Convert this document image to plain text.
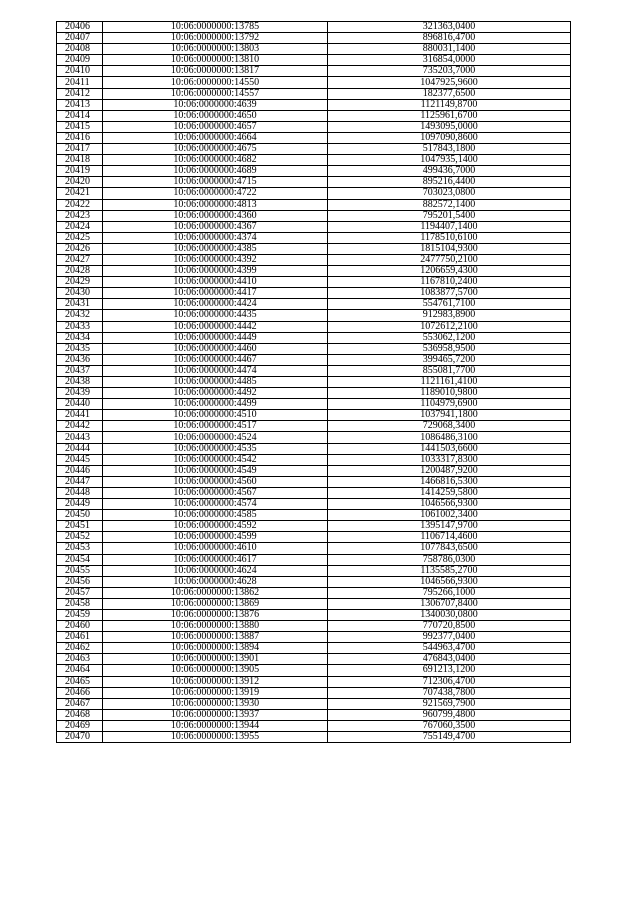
20406	10:06:0000000:13785	321363,0400
20407	10:06:0000000:13792	896816,4700
20408	10:06:0000000:13803	880031,1400
20409	10:06:0000000:13810	316854,0000
20410	10:06:0000000:13817	735203,7000
20411	10:06:0000000:14550	1047925,9600
20412	10:06:0000000:14557	182377,6500
20413	10:06:0000000:4639	1121149,8700
20414	10:06:0000000:4650	1125961,6700
20415	10:06:0000000:4657	1493095,0000
20416	10:06:0000000:4664	1097090,8600
20417	10:06:0000000:4675	517843,1800
20418	10:06:0000000:4682	1047935,1400
20419	10:06:0000000:4689	499436,7000
20420	10:06:0000000:4715	895216,4400
20421	10:06:0000000:4722	703023,0800
20422	10:06:0000000:4813	882572,1400
20423	10:06:0000000:4360	795201,5400
20424	10:06:0000000:4367	1194407,1400
20425	10:06:0000000:4374	1178510,6100
20426	10:06:0000000:4385	1815104,9300
20427	10:06:0000000:4392	2477750,2100
20428	10:06:0000000:4399	1206659,4300
20429	10:06:0000000:4410	1167810,2400
20430	10:06:0000000:4417	1083877,5700
20431	10:06:0000000:4424	554761,7100
20432	10:06:0000000:4435	912983,8900
20433	10:06:0000000:4442	1072612,2100
20434	10:06:0000000:4449	553062,1200
20435	10:06:0000000:4460	536958,9500
20436	10:06:0000000:4467	399465,7200
20437	10:06:0000000:4474	855081,7700
20438	10:06:0000000:4485	1121161,4100
20439	10:06:0000000:4492	1189010,9800
20440	10:06:0000000:4499	1104979,6900
20441	10:06:0000000:4510	1037941,1800
20442	10:06:0000000:4517	729068,3400
20443	10:06:0000000:4524	1086486,3100
20444	10:06:0000000:4535	1441503,6600
20445	10:06:0000000:4542	1033317,8300
20446	10:06:0000000:4549	1200487,9200
20447	10:06:0000000:4560	1466816,5300
20448	10:06:0000000:4567	1414259,5800
20449	10:06:0000000:4574	1046566,9300
20450	10:06:0000000:4585	1061002,3400
20451	10:06:0000000:4592	1395147,9700
20452	10:06:0000000:4599	1106714,4600
20453	10:06:0000000:4610	1077843,6500
20454	10:06:0000000:4617	758786,0300
20455	10:06:0000000:4624	1135585,2700
20456	10:06:0000000:4628	1046566,9300
20457	10:06:0000000:13862	795266,1000
20458	10:06:0000000:13869	1306707,8400
20459	10:06:0000000:13876	1340030,0800
20460	10:06:0000000:13880	770720,8500
20461	10:06:0000000:13887	992377,0400
20462	10:06:0000000:13894	544963,4700
20463	10:06:0000000:13901	476843,0400
20464	10:06:0000000:13905	691213,1200
20465	10:06:0000000:13912	712306,4700
20466	10:06:0000000:13919	707438,7800
20467	10:06:0000000:13930	921569,7900
20468	10:06:0000000:13937	960799,4800
20469	10:06:0000000:13944	767060,3500
20470	10:06:0000000:13955	755149,4700
